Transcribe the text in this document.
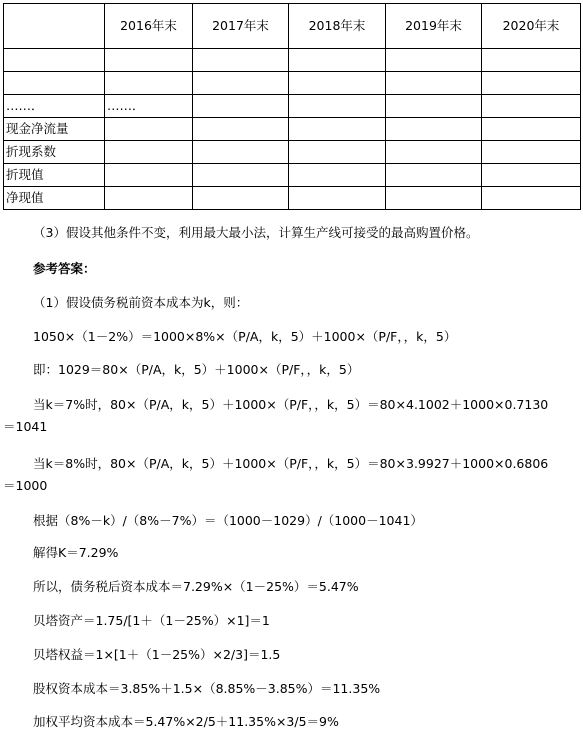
	2016年末	2017年末	2018年末	2019年末	2020年末

……．	……．				
现金净流量					
折现系数					
折现值					
净现值					
（3）假设其他条件不变，利用最大最小法，计算生产线可接受的最高购置价格。
参考答案：
（1）假设债务税前资本成本为k，则：
1050×（1－2%）＝1000×8%×（P/A，k，5）＋1000×（P/F，，k，5）
即：1029＝80×（P/A，k，5）＋1000×（P/F，，k，5）
当k＝7%时，80×（P/A，k，5）＋1000×（P/F，，k，5）＝80×4.1002＋1000×0.7130
＝1041
当k＝8%时，80×（P/A，k，5）＋1000×（P/F，，k，5）＝80×3.9927＋1000×0.6806
＝1000
根据（8%－k）/（8%－7%）＝（1000－1029）/（1000－1041）
解得K＝7.29%
所以，债务税后资本成本＝7.29%×（1－25%）＝5.47%
贝塔资产＝1.75/[1＋（1－25%）×1]＝1
贝塔权益＝1×[1＋（1－25%）×2/3]＝1.5
股权资本成本＝3.85%＋1.5×（8.85%－3.85%）＝11.35%
加权平均资本成本＝5.47%×2/5＋11.35%×3/5＝9%
